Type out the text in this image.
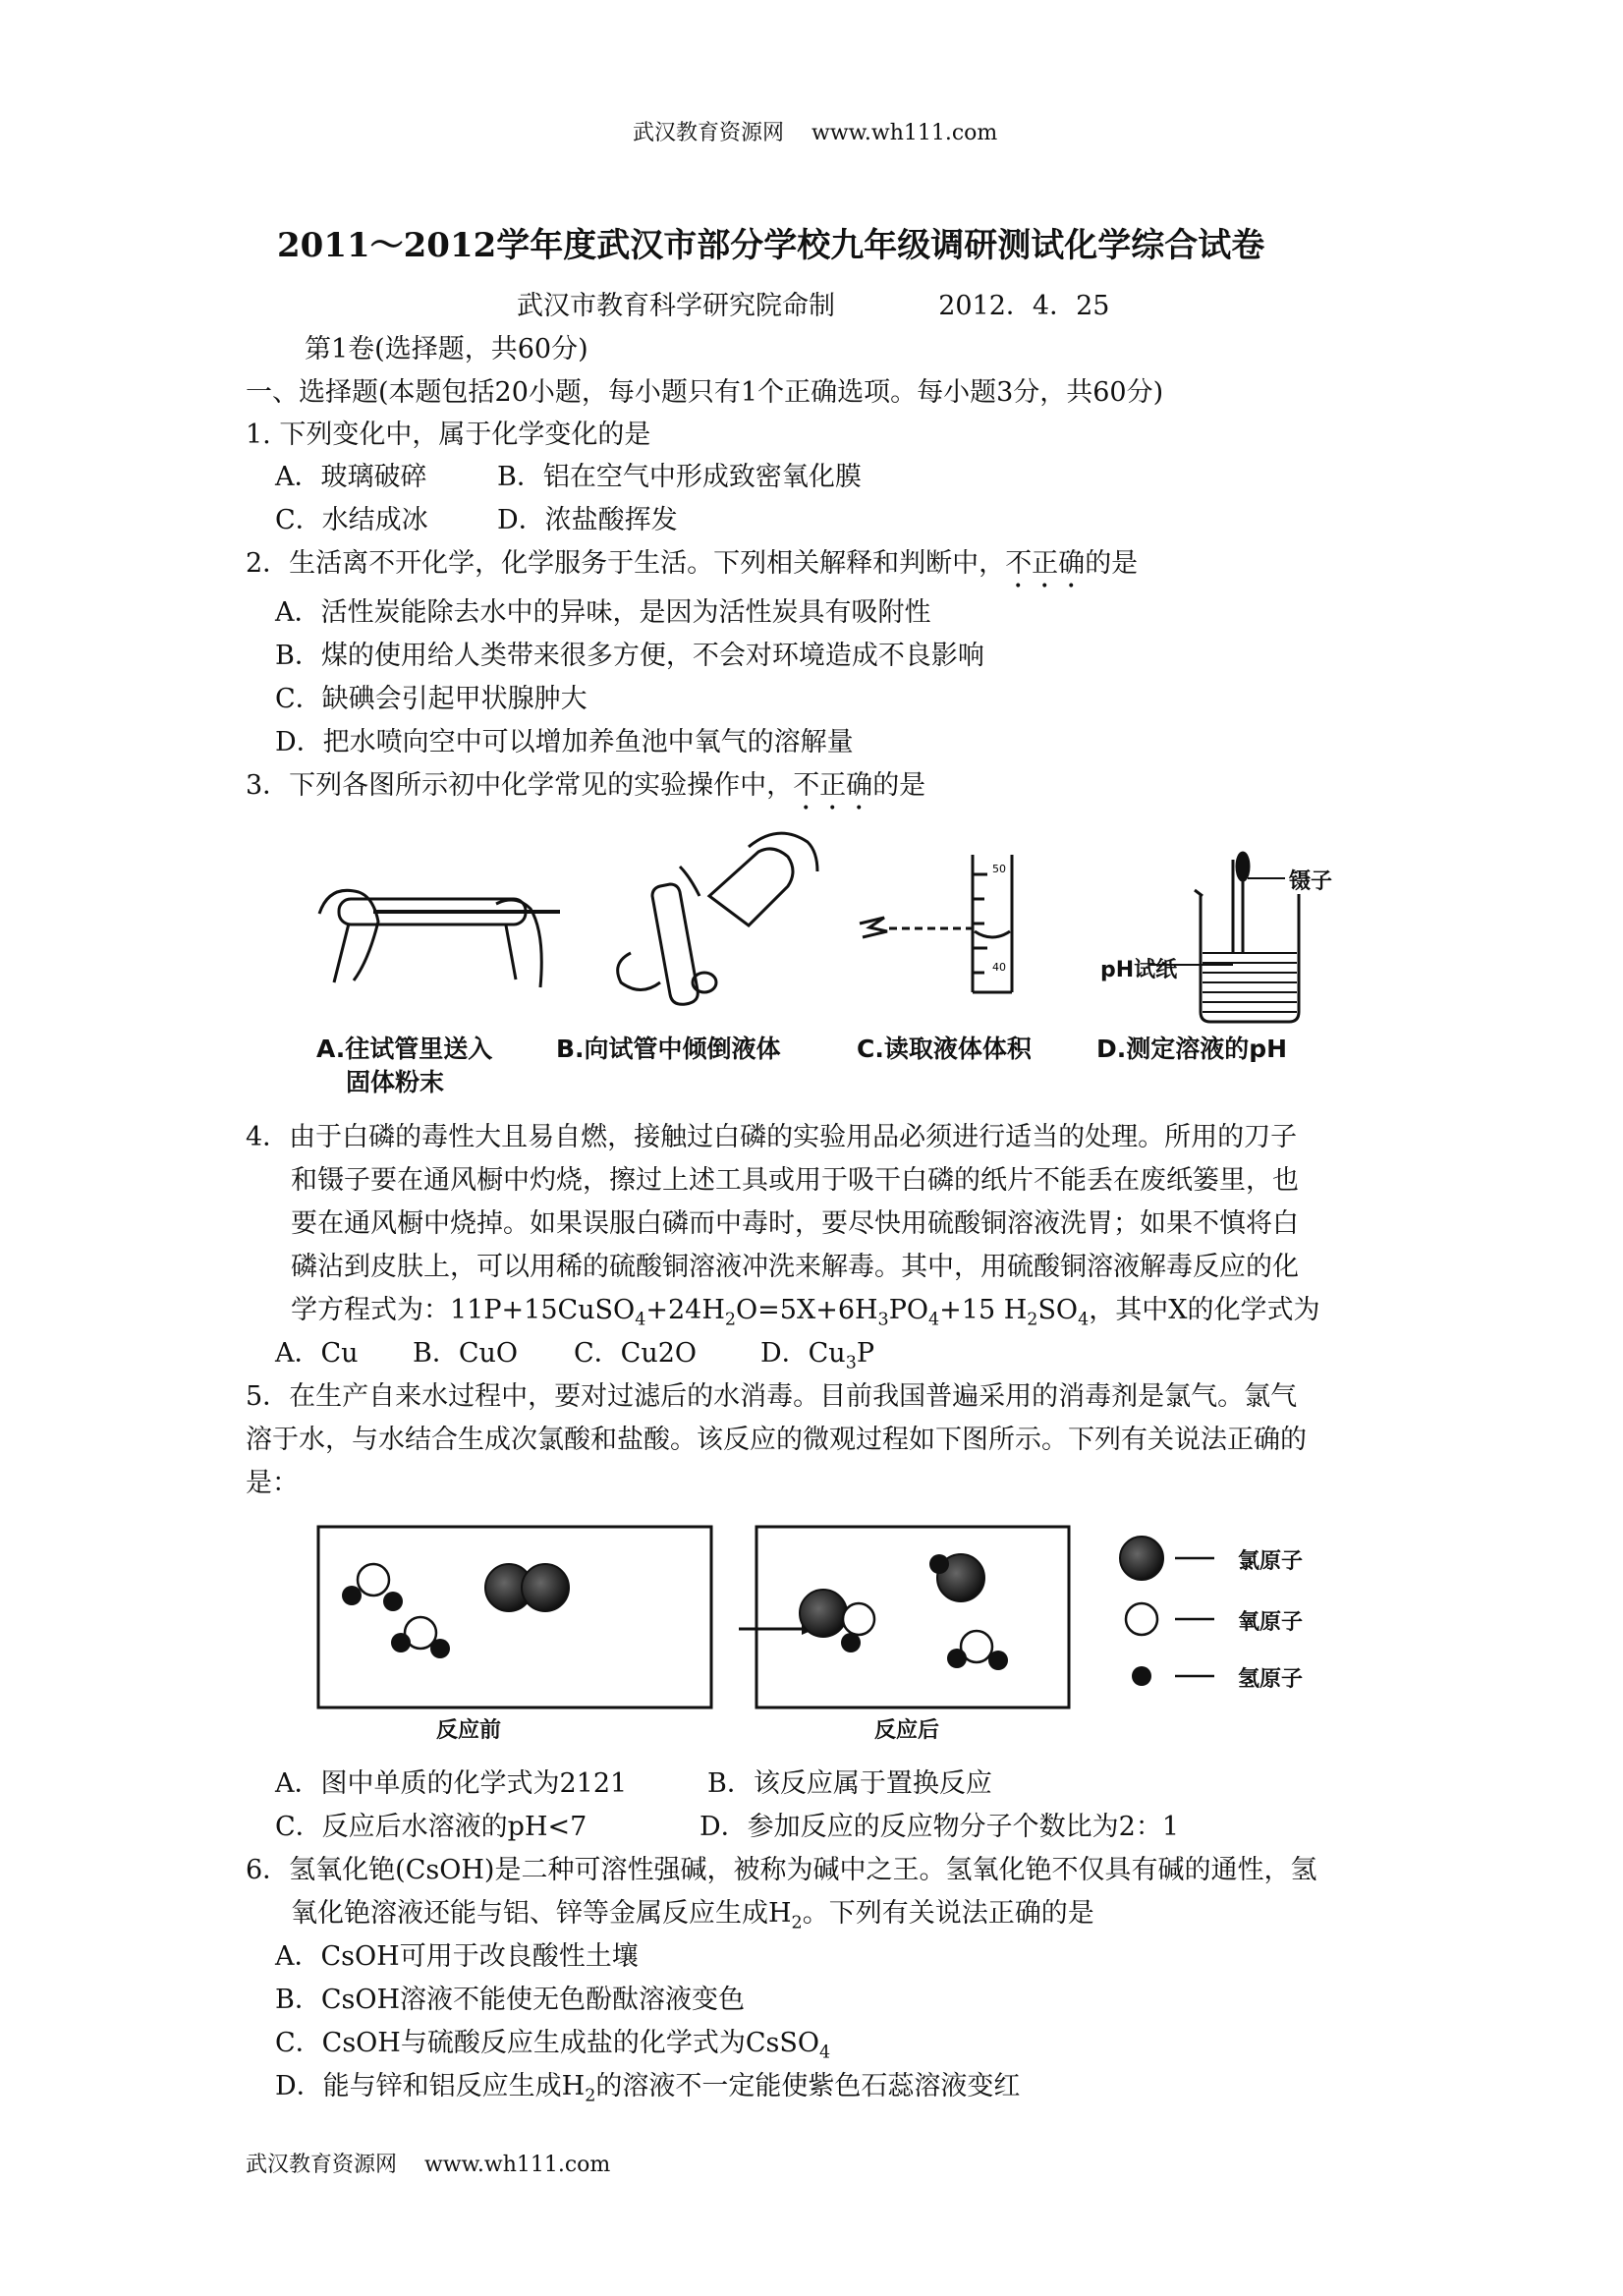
武汉教育资源网 www.wh111.com
2011～2012学年度武汉市部分学校九年级调研测试化学综合试卷
武汉市教育科学研究院命制	2012．4．25
第1卷(选择题，共60分)
一、选择题(本题包括20小题，每小题只有1个正确选项。每小题3分，共60分)
1. 下列变化中，属于化学变化的是
A．玻璃破碎	B．铝在空气中形成致密氧化膜
C．水结成冰	D．浓盐酸挥发
2．生活离不开化学，化学服务于生活。下列相关解释和判断中，不正确的是
A．活性炭能除去水中的异味，是因为活性炭具有吸附性
B．煤的使用给人类带来很多方便，不会对环境造成不良影响
C．缺碘会引起甲状腺肿大
D．把水喷向空中可以增加养鱼池中氧气的溶解量
3．下列各图所示初中化学常见的实验操作中，不正确的是
50
40
镊子
pH试纸
A.往试管里送入
固体粉末
B.向试管中倾倒液体	C.读取液体体积	D.测定溶液的pH
4．由于白磷的毒性大且易自燃，接触过白磷的实验用品必须进行适当的处理。所用的刀子
和镊子要在通风橱中灼烧，擦过上述工具或用于吸干白磷的纸片不能丢在废纸篓里，也
要在通风橱中烧掉。如果误服白磷而中毒时，要尽快用硫酸铜溶液洗胃；如果不慎将白
磷沾到皮肤上，可以用稀的硫酸铜溶液冲洗来解毒。其中，用硫酸铜溶液解毒反应的化
学方程式为：$11P+15CuSO_4+24H_2O=5X+6H_3PO_4+15$ $H_2SO_4$，其中X的化学式为
A．Cu B．CuO C．Cu2O D．$Cu_3P$
5．在生产自来水过程中，要对过滤后的水消毒。目前我国普遍采用的消毒剂是氯气。氯气
溶于水，与水结合生成次氯酸和盐酸。该反应的微观过程如下图所示。下列有关说法正确的
是：
氯原子
氧原子
氢原子
反应前	反应后
A．图中单质的化学式为2121	B．该反应属于置换反应
C．反应后水溶液的pH<7	D．参加反应的反应物分子个数比为2：1
6．氢氧化铯(CsOH)是二种可溶性强碱，被称为碱中之王。氢氧化铯不仅具有碱的通性，氢
氧化铯溶液还能与铝、锌等金属反应生成$H_2$。下列有关说法正确的是
A．CsOH可用于改良酸性土壤
B．CsOH溶液不能使无色酚酞溶液变色
C．CsOH与硫酸反应生成盐的化学式为CsSO$_4$
D．能与锌和铝反应生成$H_2$的溶液不一定能使紫色石蕊溶液变红
武汉教育资源网 www.wh111.com
